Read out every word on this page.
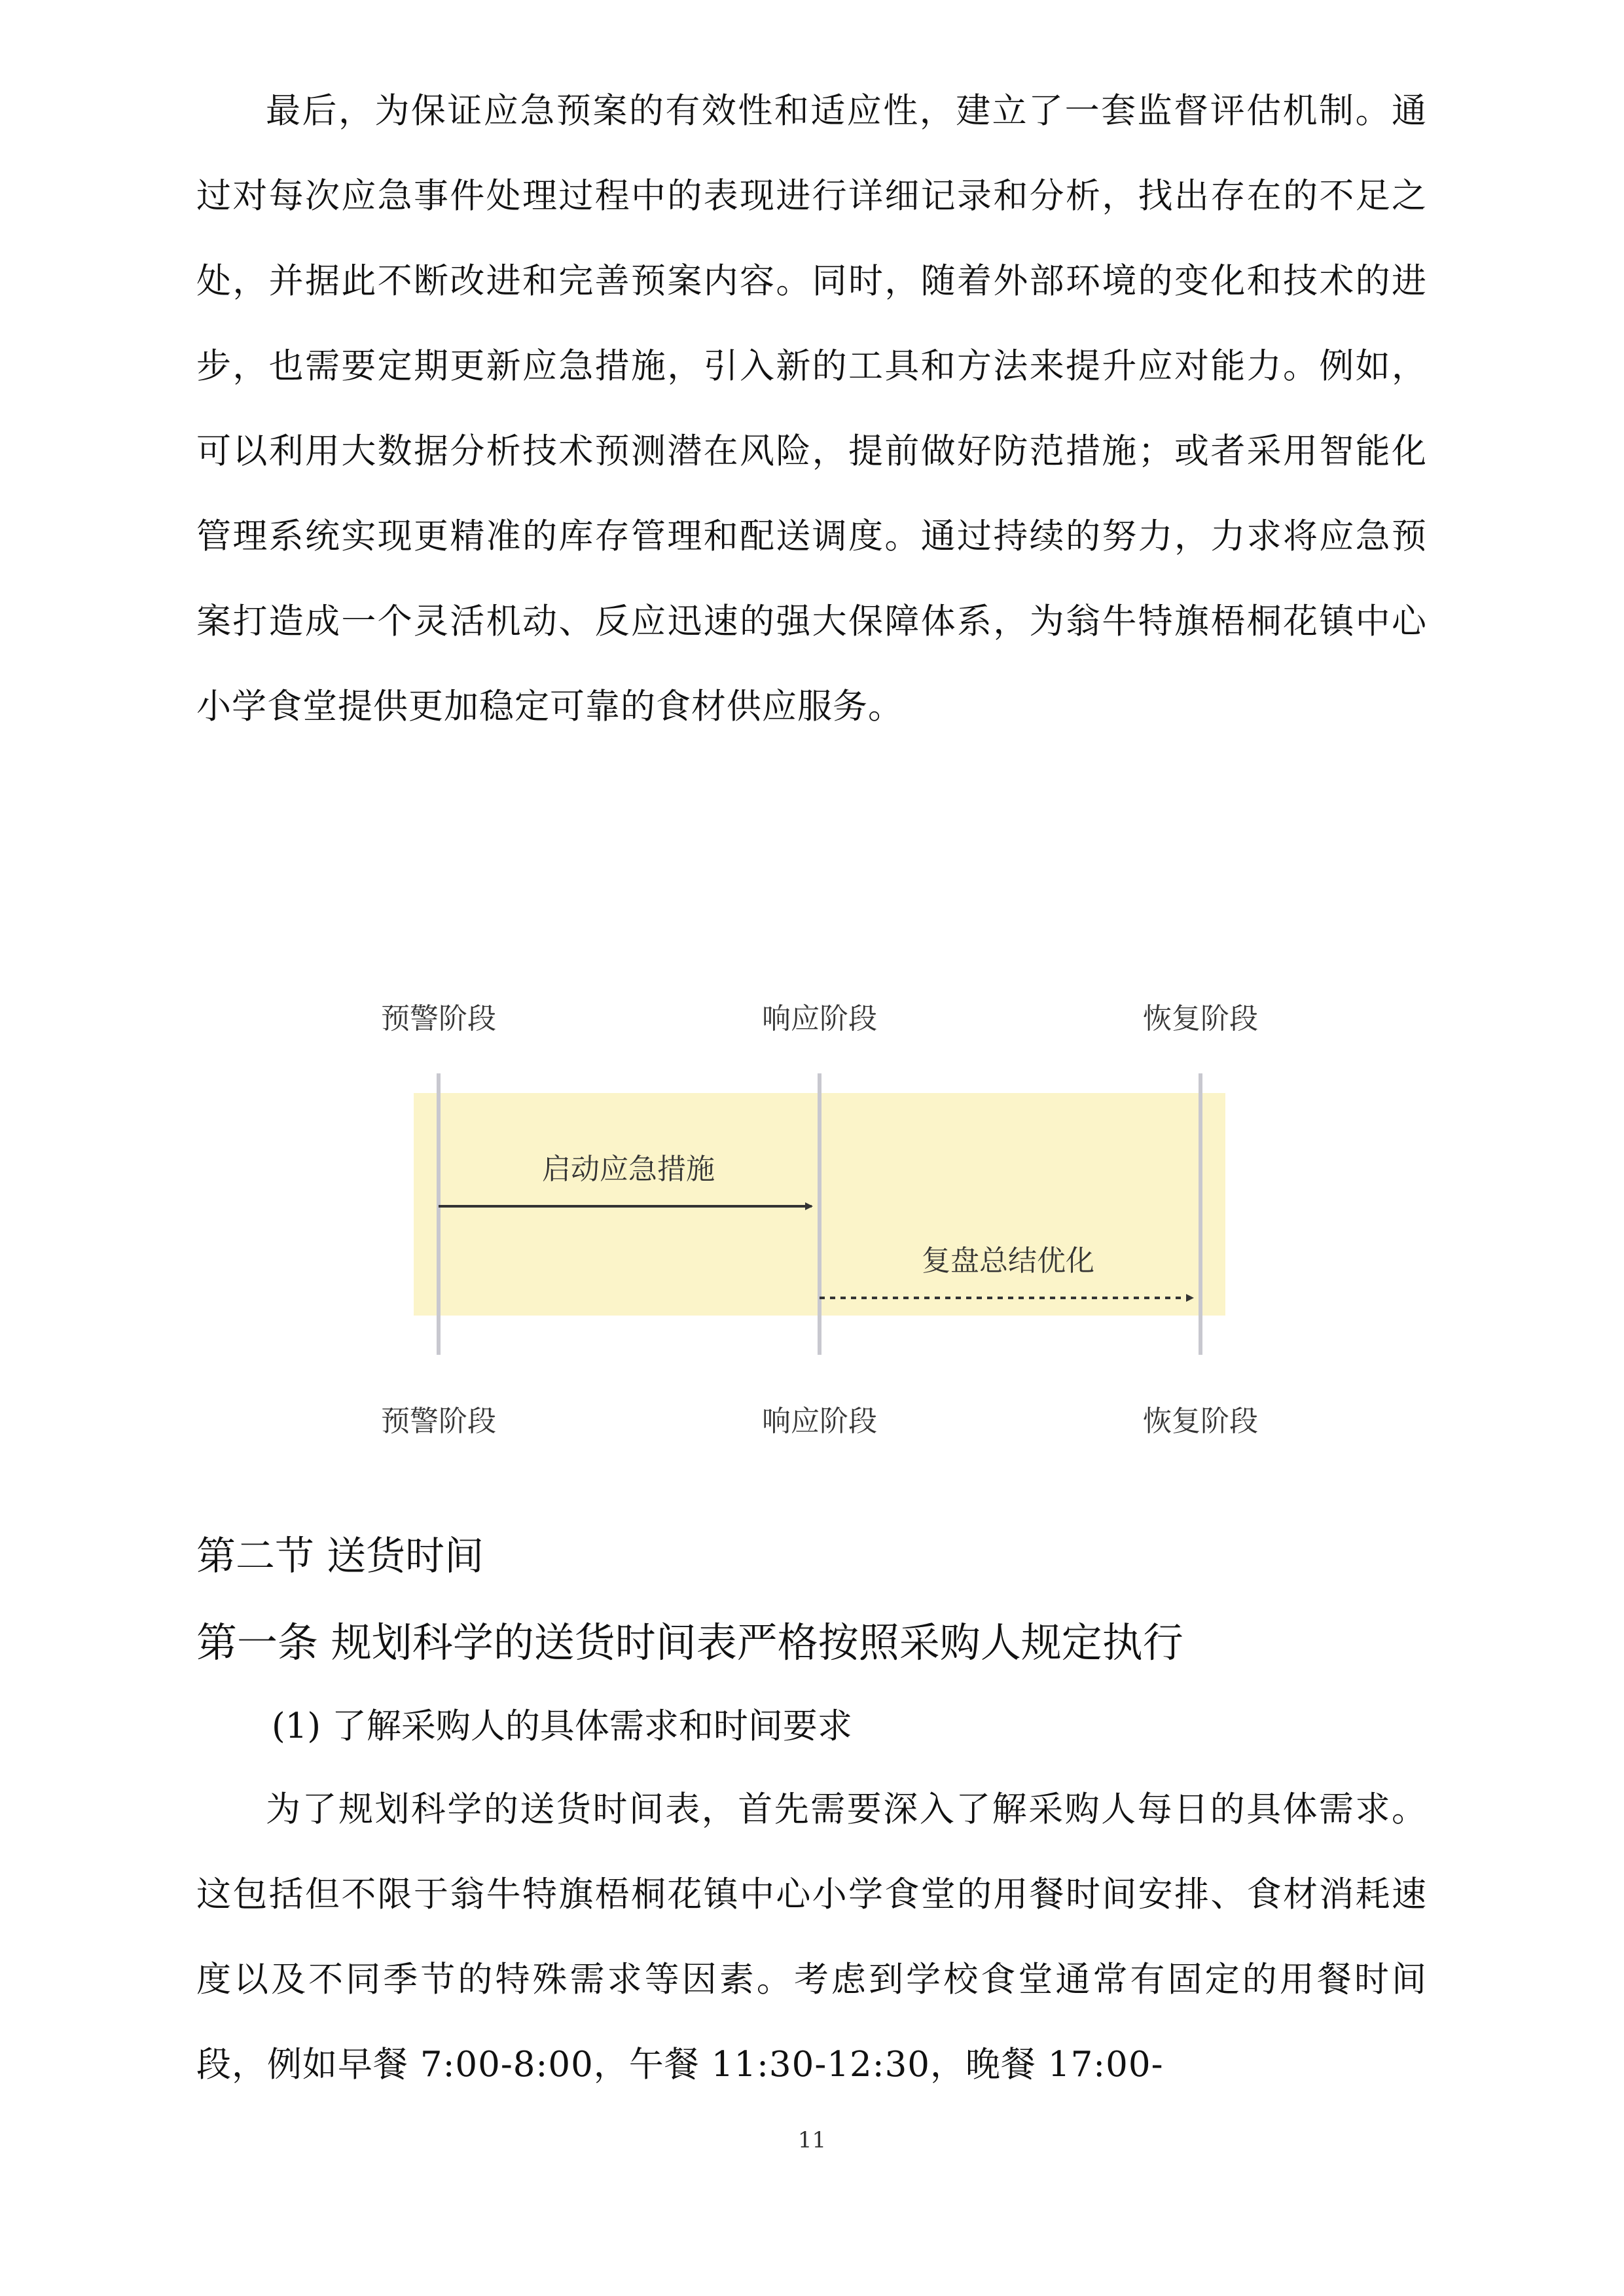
最后，为保证应急预案的有效性和适应性，建立了一套监督评估机制。通过对每次应急事件处理过程中的表现进行详细记录和分析，找出存在的不足之处，并据此不断改进和完善预案内容。同时，随着外部环境的变化和技术的进步，也需要定期更新应急措施，引入新的工具和方法来提升应对能力。例如，可以利用大数据分析技术预测潜在风险，提前做好防范措施；或者采用智能化管理系统实现更精准的库存管理和配送调度。通过持续的努力，力求将应急预案打造成一个灵活机动、反应迅速的强大保障体系，为翁牛特旗梧桐花镇中心小学食堂提供更加稳定可靠的食材供应服务。

预警阶段	响应阶段	恢复阶段
启动应急措施
复盘总结优化
预警阶段	响应阶段	恢复阶段
第二节 送货时间
第一条 规划科学的送货时间表严格按照采购人规定执行

(1) 了解采购人的具体需求和时间要求

为了规划科学的送货时间表，首先需要深入了解采购人每日的具体需求。这包括但不限于翁牛特旗梧桐花镇中心小学食堂的用餐时间安排、食材消耗速度以及不同季节的特殊需求等因素。考虑到学校食堂通常有固定的用餐时间段，例如早餐 7:00-8:00，午餐 11:30-12:30，晚餐 17:00-

11
